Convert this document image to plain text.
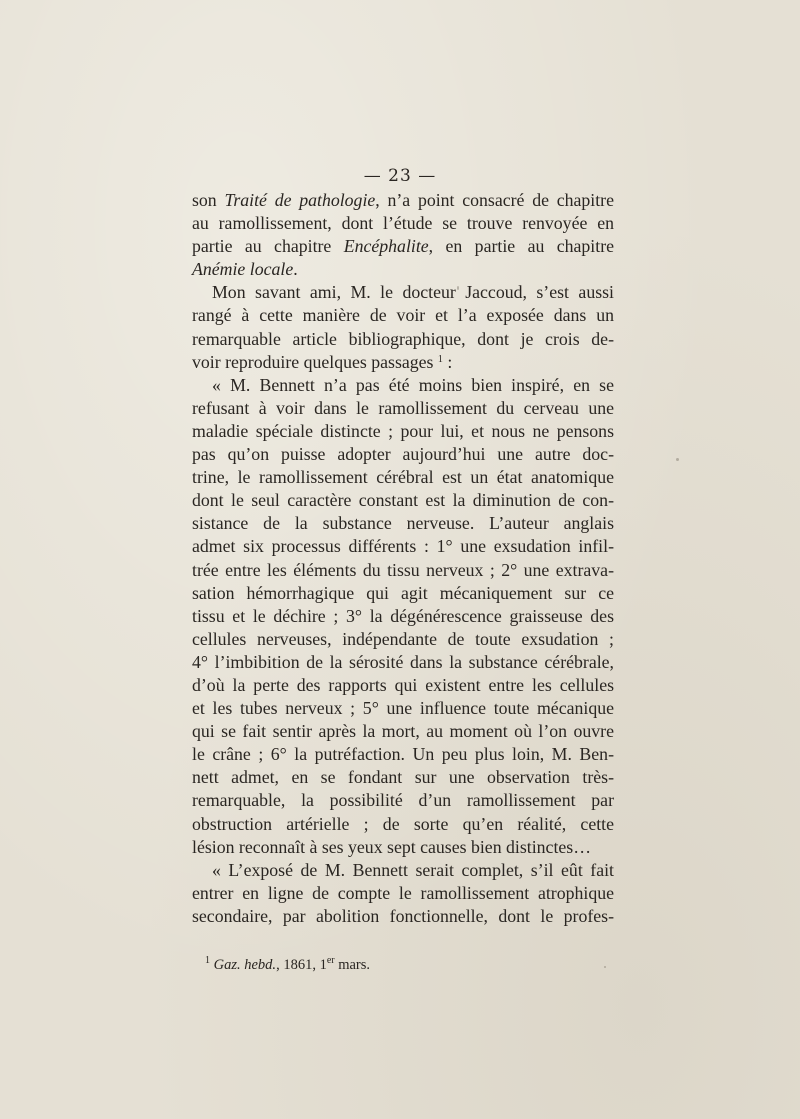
— 23 —
son Traité de pathologie, n’a point consacré de chapitre
au ramollissement, dont l’étude se trouve renvoyée en
partie au chapitre Encéphalite, en partie au chapitre
Anémie locale.
Mon savant ami, M. le docteur Jaccoud, s’est aussi
rangé à cette manière de voir et l’a exposée dans un
remarquable article bibliographique, dont je crois de-
voir reproduire quelques passages $^1$ :
« M. Bennett n’a pas été moins bien inspiré, en se
refusant à voir dans le ramollissement du cerveau une
maladie spéciale distincte ; pour lui, et nous ne pensons
pas qu’on puisse adopter aujourd’hui une autre doc-
trine, le ramollissement cérébral est un état anatomique
dont le seul caractère constant est la diminution de con-
sistance de la substance nerveuse. L’auteur anglais
admet six processus différents : 1° une exsudation infil-
trée entre les éléments du tissu nerveux ; 2° une extrava-
sation hémorrhagique qui agit mécaniquement sur ce
tissu et le déchire ; 3° la dégénérescence graisseuse des
cellules nerveuses, indépendante de toute exsudation ;
4° l’imbibition de la sérosité dans la substance cérébrale,
d’où la perte des rapports qui existent entre les cellules
et les tubes nerveux ; 5° une influence toute mécanique
qui se fait sentir après la mort, au moment où l’on ouvre
le crâne ; 6° la putréfaction. Un peu plus loin, M. Ben-
nett admet, en se fondant sur une observation très-
remarquable, la possibilité d’un ramollissement par
obstruction artérielle ; de sorte qu’en réalité, cette
lésion reconnaît à ses yeux sept causes bien distinctes…
« L’exposé de M. Bennett serait complet, s’il eût fait
entrer en ligne de compte le ramollissement atrophique
secondaire, par abolition fonctionnelle, dont le profes-
$^1$ Gaz. hebd., 1861, 1er mars.
